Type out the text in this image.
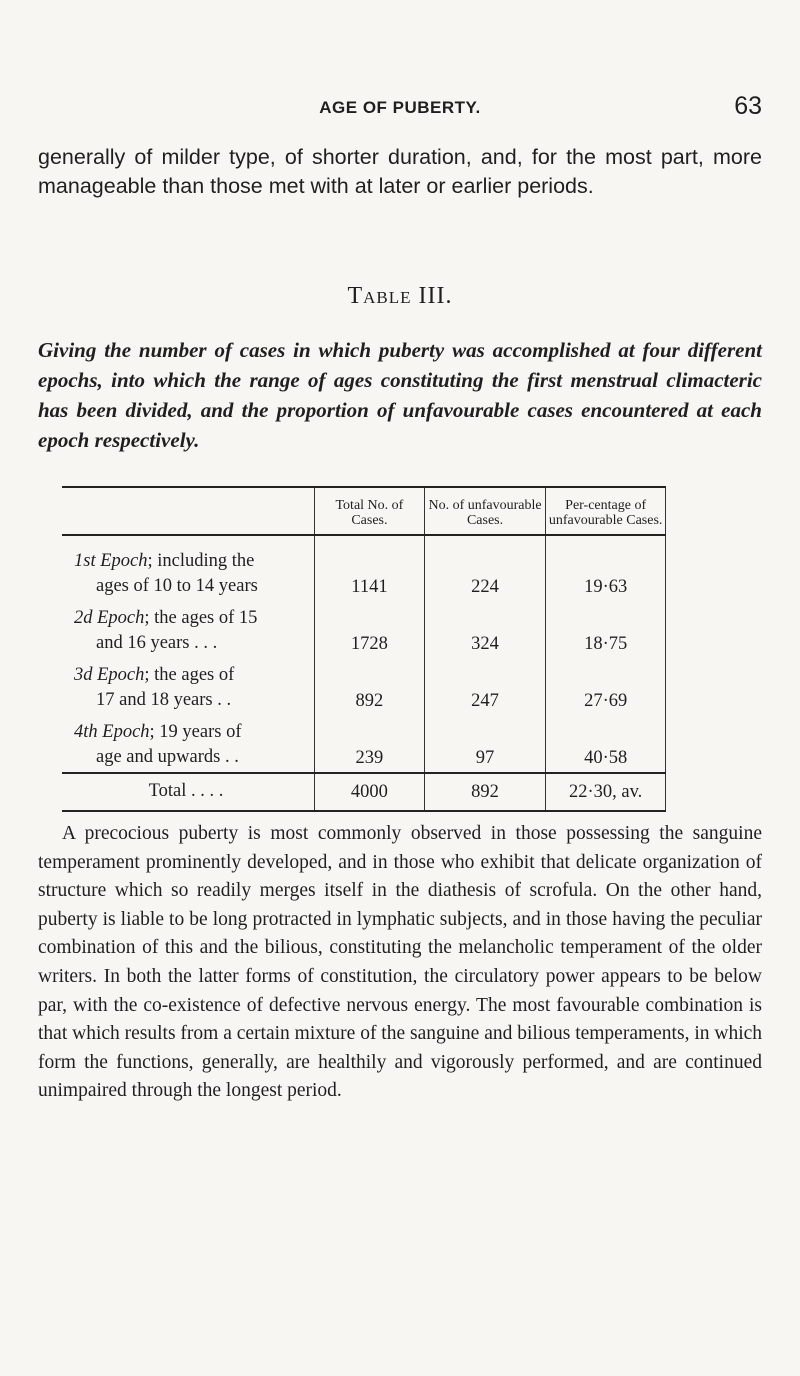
AGE OF PUBERTY.	63

generally of milder type, of shorter duration, and, for the most part, more manageable than those met with at later or earlier periods.

Table III.
Giving the number of cases in which puberty was accomplished at four different epochs, into which the range of ages constituting the first menstrual climacteric has been divided, and the proportion of unfavourable cases encountered at each epoch respectively.
	Total No. of Cases.	No. of unfavourable Cases.	Per-centage of unfavourable Cases.
1st Epoch; including the
ages of 10 to 14 years	1141	224	19·63
2d Epoch; the ages of 15
and 16 years . . .	1728	324	18·75
3d Epoch; the ages of
17 and 18 years . .	892	247	27·69
4th Epoch; 19 years of
age and upwards . .	239	97	40·58
Total . . . .	4000	892	22·30, av.

A precocious puberty is most commonly observed in those possessing the sanguine temperament prominently developed, and in those who exhibit that delicate organization of structure which so readily merges itself in the diathesis of scrofula. On the other hand, puberty is liable to be long protracted in lymphatic subjects, and in those having the peculiar combination of this and the bilious, constituting the melancholic temperament of the older writers. In both the latter forms of constitution, the circulatory power appears to be below par, with the co-existence of defective nervous energy. The most favourable combination is that which results from a certain mixture of the sanguine and bilious temperaments, in which form the functions, generally, are healthily and vigorously performed, and are continued unimpaired through the longest period.
